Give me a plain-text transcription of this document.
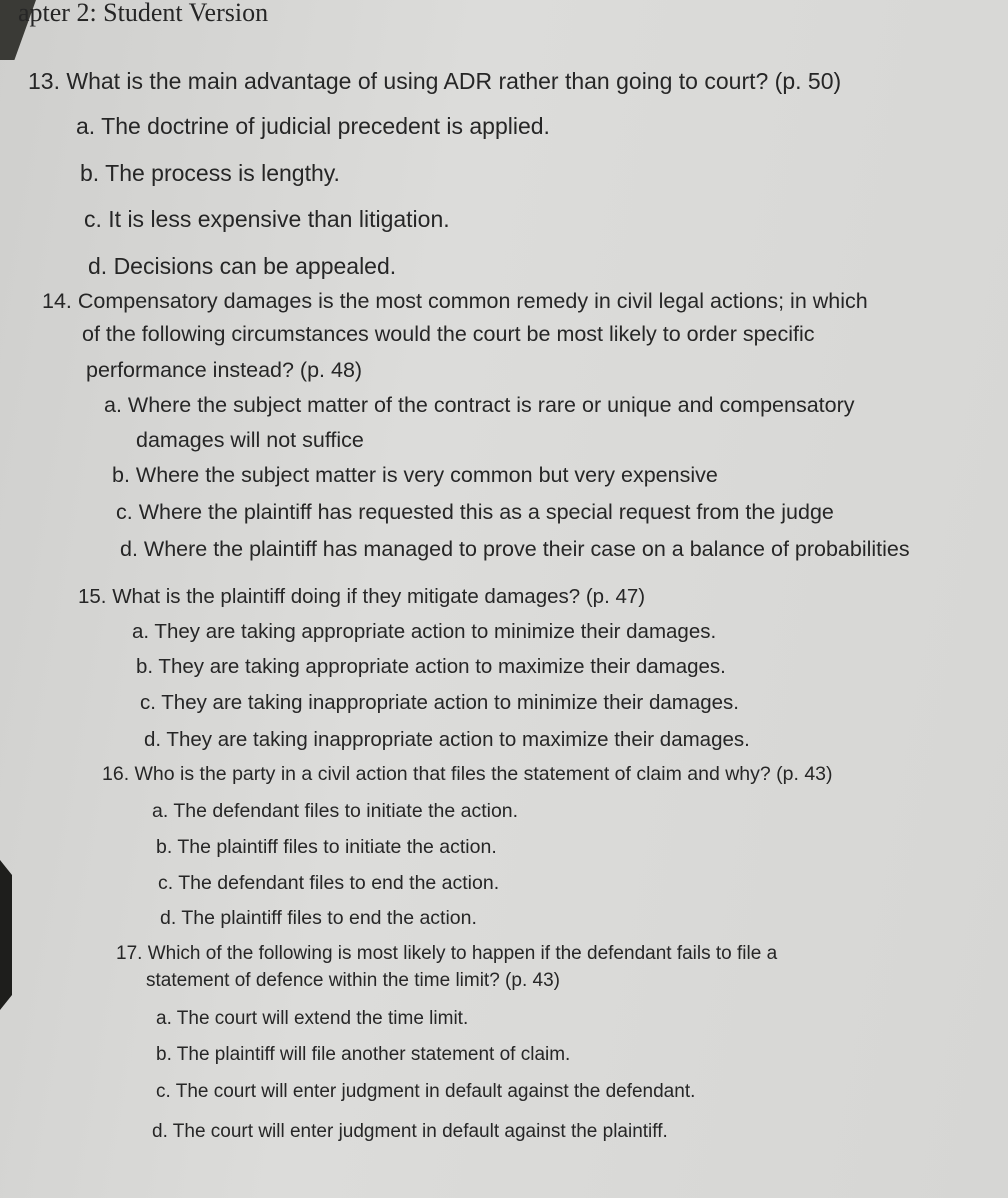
apter 2: Student Version
13. What is the main advantage of using ADR rather than going to court? (p. 50)
a. The doctrine of judicial precedent is applied.
b. The process is lengthy.
c. It is less expensive than litigation.
d. Decisions can be appealed.
14. Compensatory damages is the most common remedy in civil legal actions; in which
of the following circumstances would the court be most likely to order specific
performance instead? (p. 48)
a. Where the subject matter of the contract is rare or unique and compensatory
damages will not suffice
b. Where the subject matter is very common but very expensive
c. Where the plaintiff has requested this as a special request from the judge
d. Where the plaintiff has managed to prove their case on a balance of probabilities
15. What is the plaintiff doing if they mitigate damages? (p. 47)
a. They are taking appropriate action to minimize their damages.
b. They are taking appropriate action to maximize their damages.
c. They are taking inappropriate action to minimize their damages.
d. They are taking inappropriate action to maximize their damages.
16. Who is the party in a civil action that files the statement of claim and why? (p. 43)
a. The defendant files to initiate the action.
b. The plaintiff files to initiate the action.
c. The defendant files to end the action.
d. The plaintiff files to end the action.
17. Which of the following is most likely to happen if the defendant fails to file a
statement of defence within the time limit? (p. 43)
a. The court will extend the time limit.
b. The plaintiff will file another statement of claim.
c. The court will enter judgment in default against the defendant.
d. The court will enter judgment in default against the plaintiff.
